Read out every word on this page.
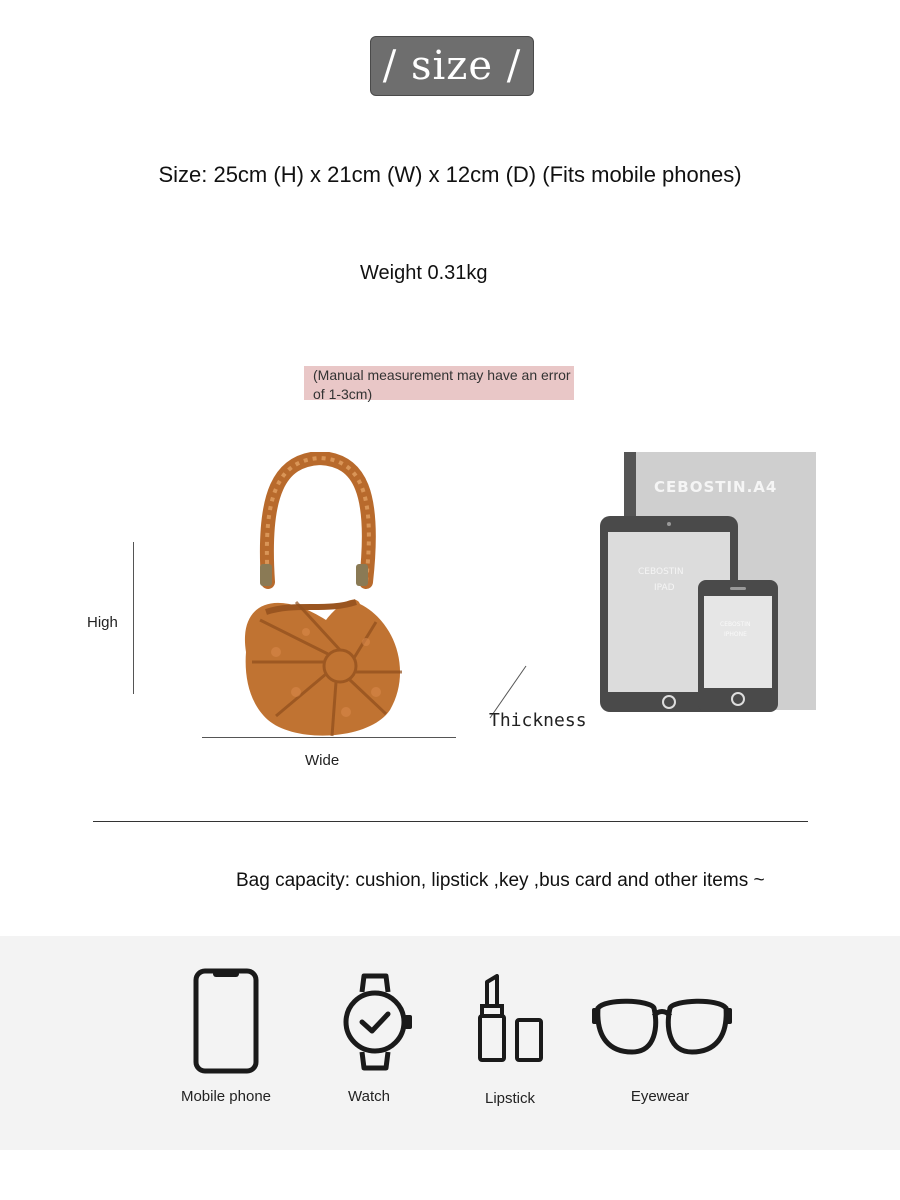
/ size /
Size: 25cm (H) x 21cm (W) x 12cm (D) (Fits mobile phones)
Weight 0.31kg
(Manual measurement may have an error of 1-3cm)
High
Wide
Thickness
CEBOSTIN.A4
CEBOSTIN
IPAD
CEBOSTIN
IPHONE
Bag capacity: cushion, lipstick ,key ,bus card and other items ~
Mobile phone	Watch	Lipstick	Eyewear
